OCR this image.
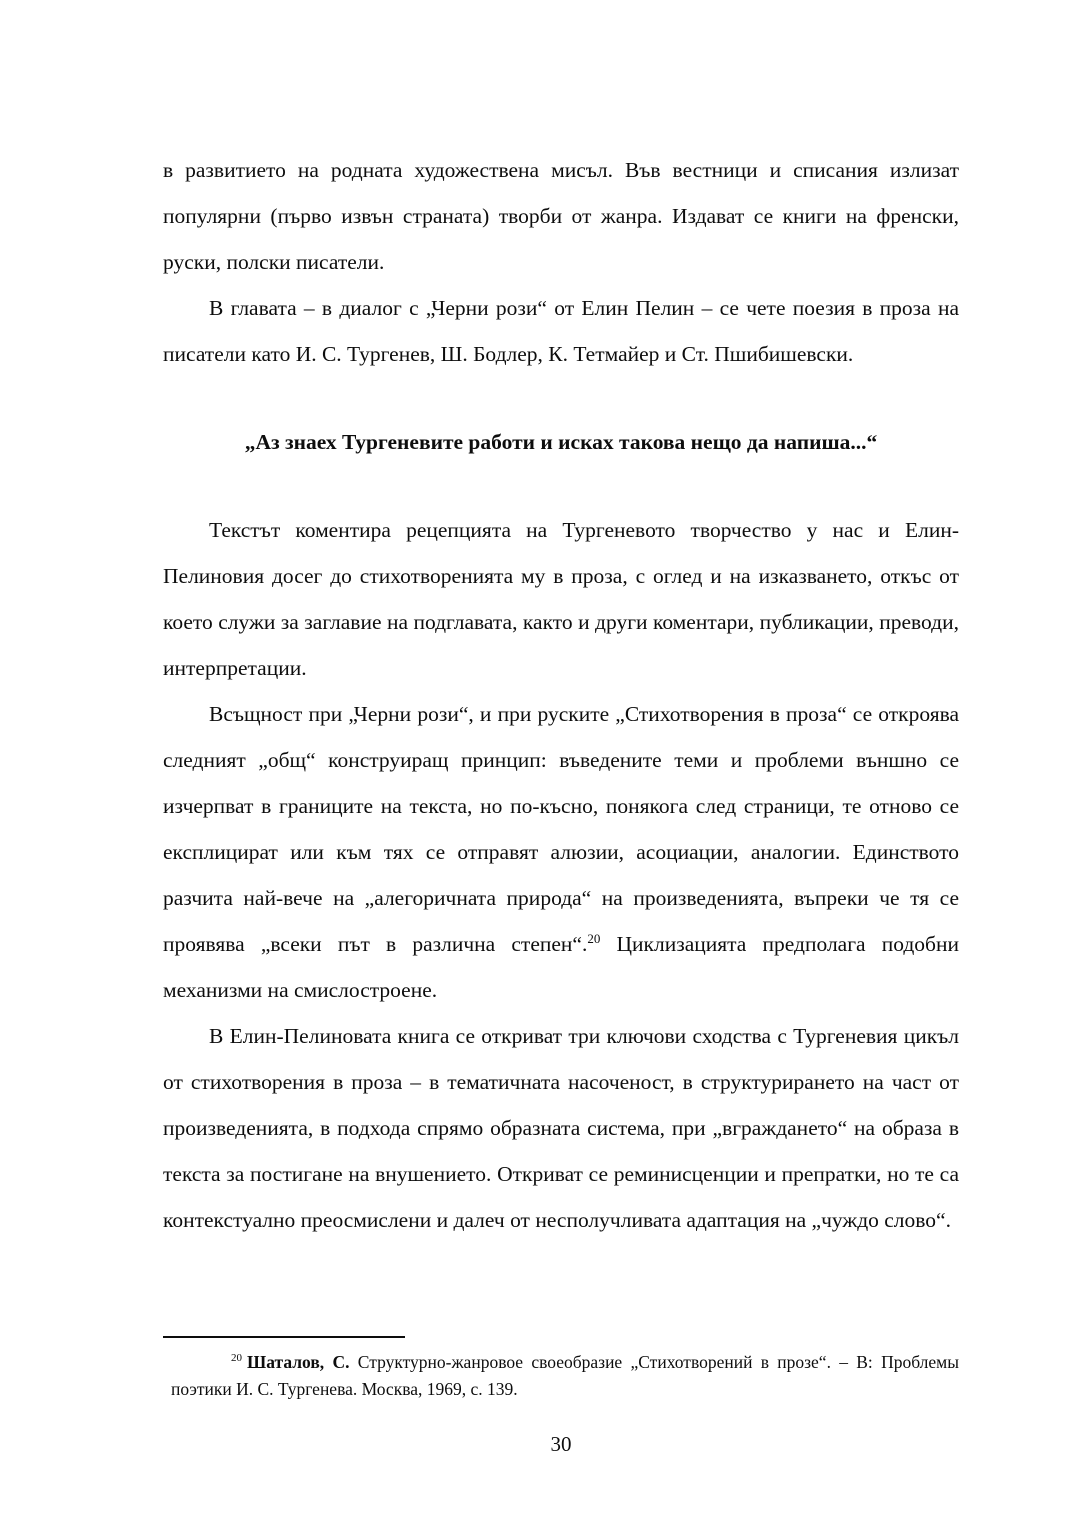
в развитието на родната художествена мисъл. Във вестници и списания излизат популярни (първо извън страната) творби от жанра. Издават се книги на френски, руски, полски писатели.

В главата – в диалог с „Черни рози“ от Елин Пелин – се чете поезия в проза на писатели като И. С. Тургенев, Ш. Бодлер, К. Тетмайер и Ст. Пшибишевски.

„Аз знаех Тургеневите работи и исках такова нещо да напиша...“

Текстът коментира рецепцията на Тургеневото творчество у нас и Елин-Пелиновия досег до стихотворенията му в проза, с оглед и на изказването, откъс от което служи за заглавие на подглавата, както и други коментари, публикации, преводи, интерпретации.

Всъщност при „Черни рози“, и при руските „Стихотворения в проза“ се откроява следният „общ“ конструиращ принцип: въведените теми и проблеми външно се изчерпват в границите на текста, но по-късно, понякога след страници, те отново се експлицират или към тях се отправят алюзии, асоциации, аналогии. Единството разчита най-вече на „алегоричната природа“ на произведенията, въпреки че тя се проявява „всеки път в различна степен“.$^{20}$ Циклизацията предполага подобни механизми на смислостроене.

В Елин-Пелиновата книга се откриват три ключови сходства с Тургеневия цикъл от стихотворения в проза – в тематичната насоченост, в структурирането на част от произведенията, в подхода спрямо образната система, при „вграждането“ на образа в текста за постигане на внушението. Откриват се реминисценции и препратки, но те са контекстуално преосмислени и далеч от несполучливата адаптация на „чуждо слово“.

$^{20}$ Шаталов, С. Структурно-жанровое своеобразие „Стихотворений в прозе“. – В: Проблемы поэтики И. С. Тургенева. Москва, 1969, с. 139.

30
